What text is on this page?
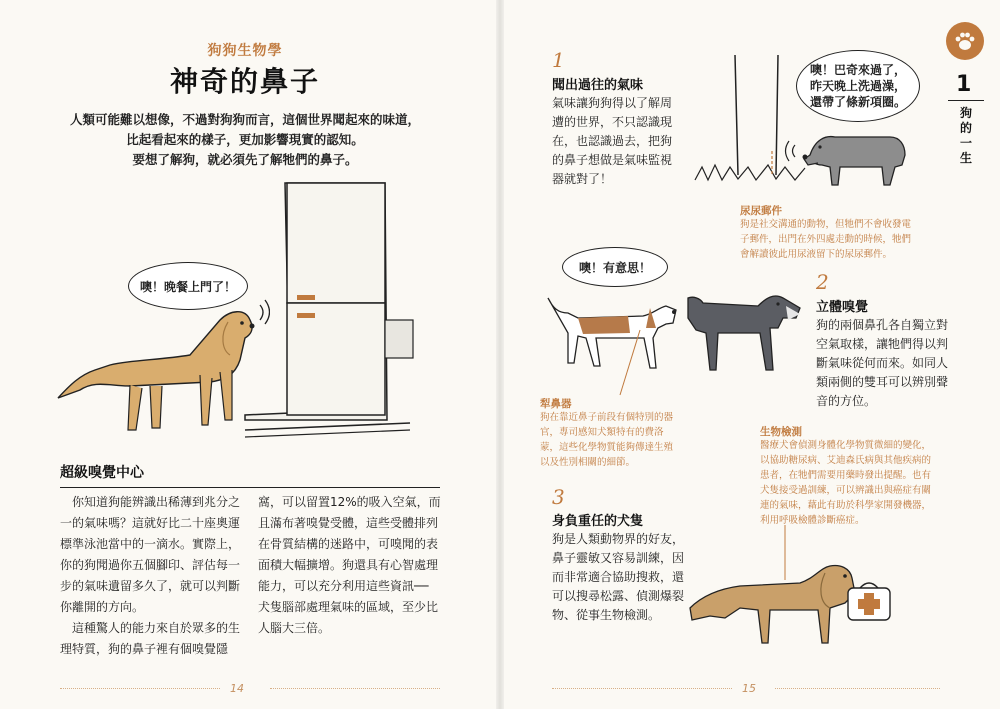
狗狗生物學
神奇的鼻子
人類可能難以想像，不過對狗狗而言，這個世界聞起來的味道，
比起看起來的樣子，更加影響現實的認知。
要想了解狗，就必須先了解牠們的鼻子。
噢！晚餐上門了！
超級嗅覺中心
　你知道狗能辨識出稀薄到兆分之
一的氣味嗎？這就好比二十座奧運
標準泳池當中的一滴水。實際上，
你的狗聞過你五個腳印、評估每一
步的氣味遺留多久了，就可以判斷
你離開的方向。
　這種驚人的能力來自於眾多的生
理特質，狗的鼻子裡有個嗅覺隱
窩，可以留置12%的吸入空氣，而
且滿布著嗅覺受體，這些受體排列
在骨質結構的迷路中，可嗅聞的表
面積大幅擴增。狗還具有心智處理
能力，可以充分利用這些資訊──
犬隻腦部處理氣味的區域，至少比
人腦大三倍。
14
1
聞出過往的氣味
氣味讓狗狗得以了解周
遭的世界，不只認識現
在，也認識過去，把狗
的鼻子想做是氣味監視
器就對了！
噢！巴奇來過了，
昨天晚上洗過澡，
還帶了條新項圈。
尿尿郵件
狗是社交溝通的動物，但牠們不會收發電
子郵件，出門在外四處走動的時候，牠們
會解讀彼此用尿液留下的尿尿郵件。
噢！有意思！
2
立體嗅覺
狗的兩個鼻孔各自獨立對
空氣取樣，讓牠們得以判
斷氣味從何而來。如同人
類兩側的雙耳可以辨別聲
音的方位。
犁鼻器
狗在靠近鼻子前段有個特別的器
官，專司感知犬類特有的費洛
蒙，這些化學物質能夠傳達生殖
以及性別相關的細節。
生物檢測
醫療犬會偵測身體化學物質微細的變化，
以協助糖尿病、艾迪森氏病與其他疾病的
患者，在牠們需要用藥時發出提醒。也有
犬隻接受過訓練，可以辨識出與癌症有關
連的氣味，藉此有助於科學家開發機器，
利用呼吸檢體診斷癌症。
3
身負重任的犬隻
狗是人類動物界的好友，
鼻子靈敏又容易訓練，因
而非常適合協助搜救，還
可以搜尋松露、偵測爆裂
物、從事生物檢測。
15
1
狗
的
一
生
